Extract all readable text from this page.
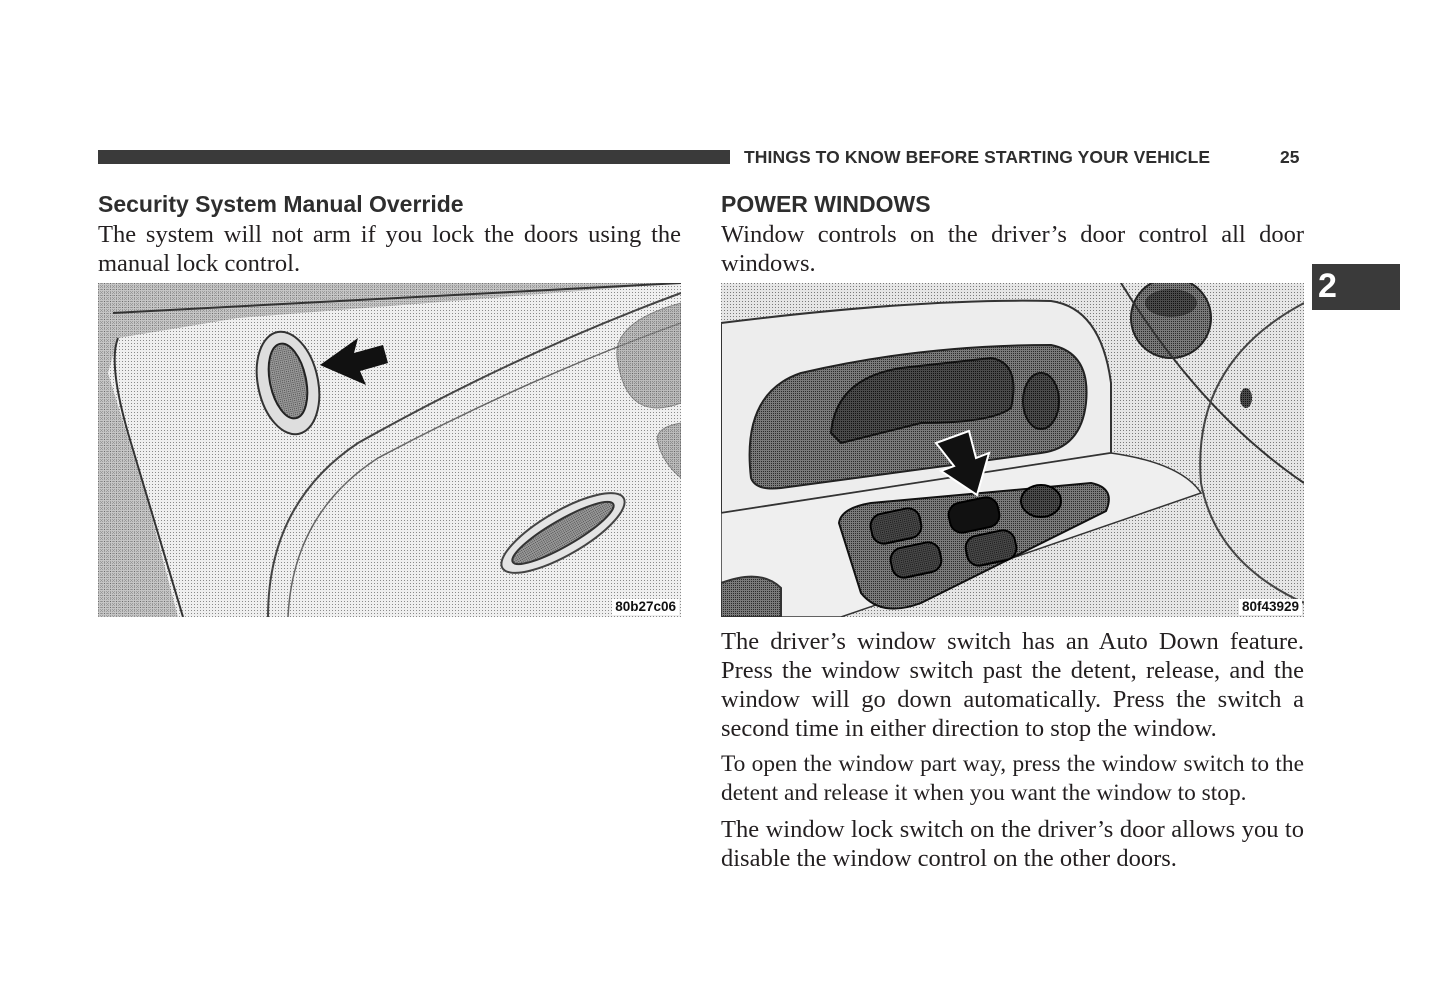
THINGS TO KNOW BEFORE STARTING YOUR VEHICLE	25
2
Security System Manual Override

The system will not arm if you lock the doors using the manual lock control.

80b27c06
POWER WINDOWS

Window controls on the driver’s door control all door windows.

80f43929

The driver’s window switch has an Auto Down feature. Press the window switch past the detent, release, and the window will go down automatically. Press the switch a second time in either direction to stop the window.

To open the window part way, press the window switch to the detent and release it when you want the window to stop.

The window lock switch on the driver’s door allows you to disable the window control on the other doors.
